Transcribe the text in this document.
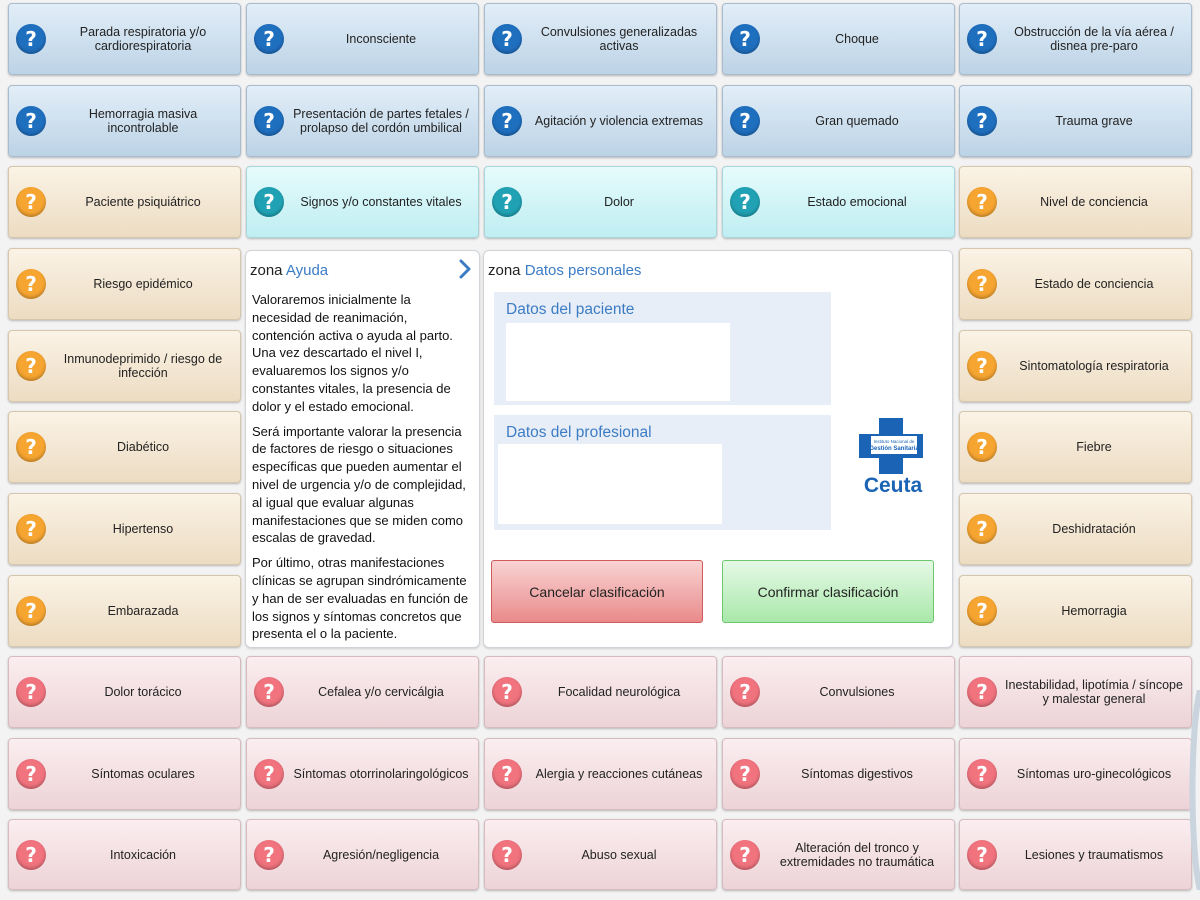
?	Parada respiratoria y/o cardiorespiratoria	?	Inconsciente	?	Convulsiones generalizadas activas	?	Choque	?	Obstrucción de la vía aérea / disnea pre-paro
?	Hemorragia masiva incontrolable	?	Presentación de partes fetales / prolapso del cordón umbilical	?	Agitación y violencia extremas	?	Gran quemado	?	Trauma grave
?	Paciente psiquiátrico	?	Signos y/o constantes vitales	?	Dolor	?	Estado emocional	?	Nivel de conciencia
?	Riesgo epidémico	?	Estado de conciencia
?	Inmunodeprimido / riesgo de infección	?	Sintomatología respiratoria
?	Diabético	?	Fiebre
?	Hipertenso	?	Deshidratación
?	Embarazada	?	Hemorragia
?	Dolor torácico	?	Cefalea y/o cervicálgia	?	Focalidad neurológica	?	Convulsiones	?	Inestabilidad, lipotímia / síncope y malestar general
?	Síntomas oculares	?	Síntomas otorrinolaringológicos	?	Alergia y reacciones cutáneas	?	Síntomas digestivos	?	Síntomas uro-ginecológicos
?	Intoxicación	?	Agresión/negligencia	?	Abuso sexual	?	Alteración del tronco y extremidades no traumática	?	Lesiones y traumatismos
zona Ayuda

Valoraremos inicialmente la necesidad de reanimación, contención activa o ayuda al parto. Una vez descartado el nivel I, evaluaremos los signos y/o constantes vitales, la presencia de dolor y el estado emocional.

Será importante valorar la presencia de factores de riesgo o situaciones específicas que pueden aumentar el nivel de urgencia y/o de complejidad, al igual que evaluar algunas manifestaciones que se miden como escalas de gravedad.

Por último, otras manifestaciones clínicas se agrupan sindrómicamente y han de ser evaluadas en función de los signos y síntomas concretos que presenta el o la paciente.

zona Datos personales
Datos del paciente
Datos del profesional
Instituto Nacional de
Gestión Sanitaria
Ceuta
Cancelar clasificación	Confirmar clasificación
